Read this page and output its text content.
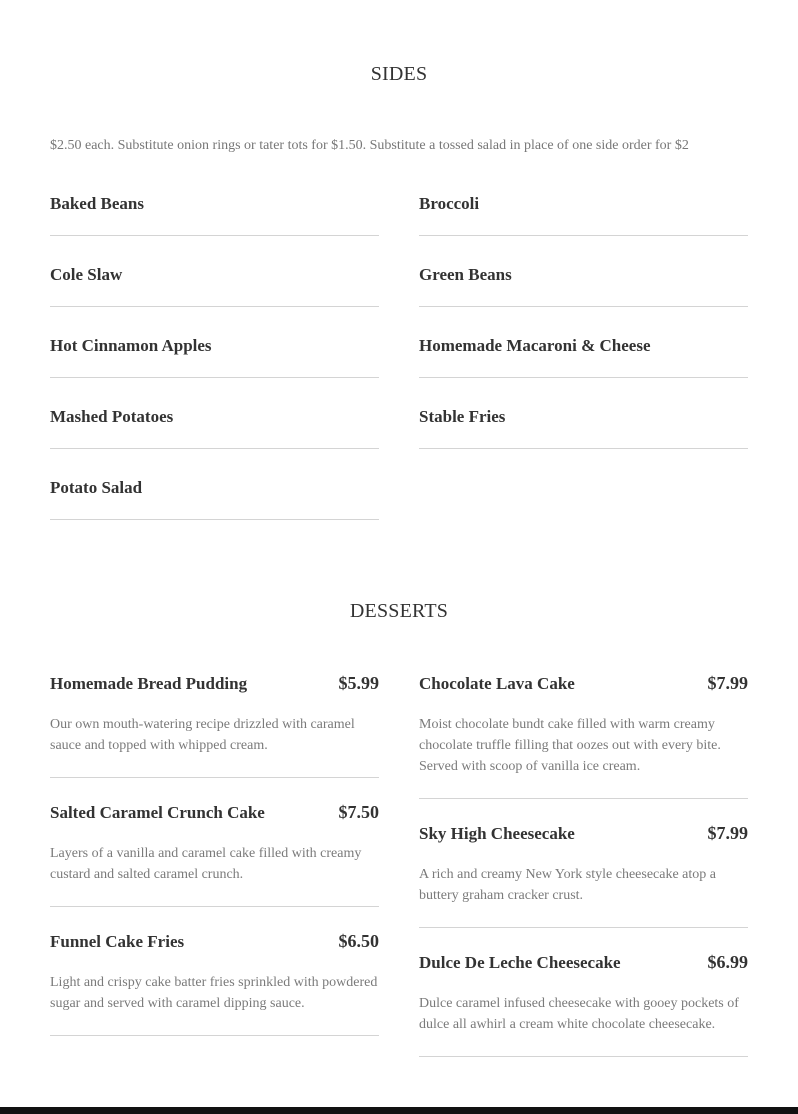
SIDES

$2.50 each. Substitute onion rings or tater tots for $1.50. Substitute a tossed salad in place of one side order for $2

Baked Beans
Cole Slaw
Hot Cinnamon Apples
Mashed Potatoes
Potato Salad
Broccoli
Green Beans
Homemade Macaroni & Cheese
Stable Fries
DESSERTS
Homemade Bread Pudding	$5.99

Our own mouth-watering recipe drizzled with caramel sauce and topped with whipped cream.

Salted Caramel Crunch Cake	$7.50

Layers of a vanilla and caramel cake filled with creamy custard and salted caramel crunch.

Funnel Cake Fries	$6.50

Light and crispy cake batter fries sprinkled with powdered sugar and served with caramel dipping sauce.

Chocolate Lava Cake	$7.99

Moist chocolate bundt cake filled with warm creamy chocolate truffle filling that oozes out with every bite. Served with scoop of vanilla ice cream.

Sky High Cheesecake	$7.99

A rich and creamy New York style cheesecake atop a buttery graham cracker crust.

Dulce De Leche Cheesecake	$6.99

Dulce caramel infused cheesecake with gooey pockets of dulce all awhirl a cream white chocolate cheesecake.
